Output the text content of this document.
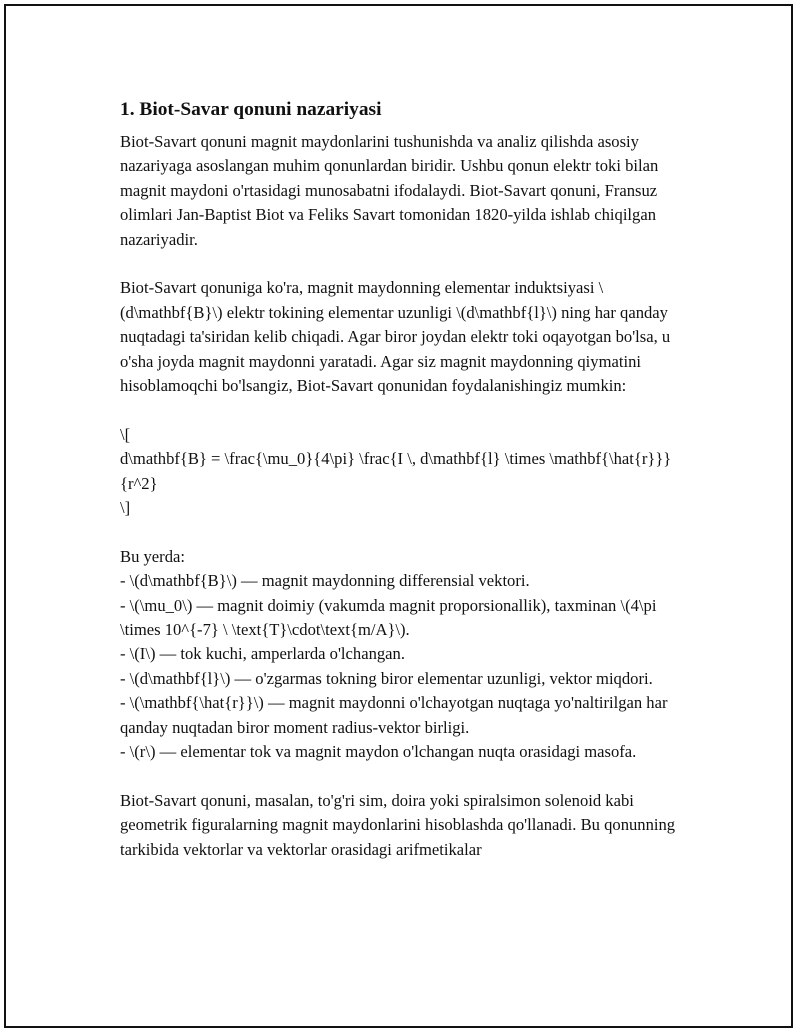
1. Biot-Savar qonuni nazariyasi

Biot-Savart qonuni magnit maydonlarini tushunishda va analiz qilishda asosiy nazariyaga asoslangan muhim qonunlardan biridir. Ushbu qonun elektr toki bilan magnit maydoni o'rtasidagi munosabatni ifodalaydi. Biot-Savart qonuni, Fransuz olimlari Jan-Baptist Biot va Feliks Savart tomonidan 1820-yilda ishlab chiqilgan nazariyadir.

Biot-Savart qonuniga ko'ra, magnit maydonning elementar induktsiyasi \(d\mathbf{B}\) elektr tokining elementar uzunligi \(d\mathbf{l}\) ning har qanday nuqtadagi ta'siridan kelib chiqadi. Agar biror joydan elektr toki oqayotgan bo'lsa, u o'sha joyda magnit maydonni yaratadi. Agar siz magnit maydonning qiymatini hisoblamoqchi bo'lsangiz, Biot-Savart qonunidan foydalanishingiz mumkin:

\[
d\mathbf{B} = \frac{\mu_0}{4\pi} \frac{I \, d\mathbf{l} \times \mathbf{\hat{r}}}{r^2}
\]

Bu yerda:
- \(d\mathbf{B}\) — magnit maydonning differensial vektori.
- \(\mu_0\) — magnit doimiy (vakumda magnit proporsionallik), taxminan \(4\pi \times 10^{-7} \ \text{T}\cdot\text{m/A}\).
- \(I\) — tok kuchi, amperlarda o'lchangan.
- \(d\mathbf{l}\) — o'zgarmas tokning biror elementar uzunligi, vektor miqdori.
- \(\mathbf{\hat{r}}\) — magnit maydonni o'lchayotgan nuqtaga yo'naltirilgan har qanday nuqtadan biror moment radius-vektor birligi.
- \(r\) — elementar tok va magnit maydon o'lchangan nuqta orasidagi masofa.

Biot-Savart qonuni, masalan, to'g'ri sim, doira yoki spiralsimon solenoid kabi geometrik figuralarning magnit maydonlarini hisoblashda qo'llanadi. Bu qonunning tarkibida vektorlar va vektorlar orasidagi arifmetikalar
